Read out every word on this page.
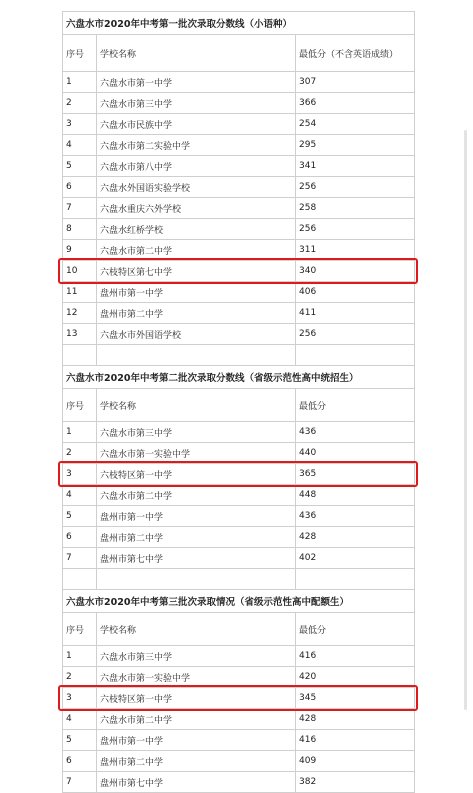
六盘水市2020年中考第一批次录取分数线（小语种）		
序号	学校名称	最低分（不含英语成绩）
1	六盘水市第一中学	307
2	六盘水市第三中学	366
3	六盘水市民族中学	254
4	六盘水市第二实验中学	295
5	六盘水市第八中学	341
6	六盘水外国语实验学校	256
7	六盘水重庆六外学校	258
8	六盘水红桥学校	256
9	六盘水市第二中学	311
10	六枝特区第七中学	340
11	盘州市第一中学	406
12	盘州市第二中学	411
13	六盘水市外国语学校	256

六盘水市2020年中考第二批次录取分数线（省级示范性高中统招生）		
序号	学校名称	最低分
1	六盘水市第三中学	436
2	六盘水市第一实验中学	440
3	六枝特区第一中学	365
4	六盘水市第二中学	448
5	盘州市第一中学	436
6	盘州市第二中学	428
7	盘州市第七中学	402

六盘水市2020年中考第三批次录取情况（省级示范性高中配额生）		
序号	学校名称	最低分
1	六盘水市第三中学	416
2	六盘水市第一实验中学	420
3	六枝特区第一中学	345
4	六盘水市第二中学	428
5	盘州市第一中学	416
6	盘州市第二中学	409
7	盘州市第七中学	382
